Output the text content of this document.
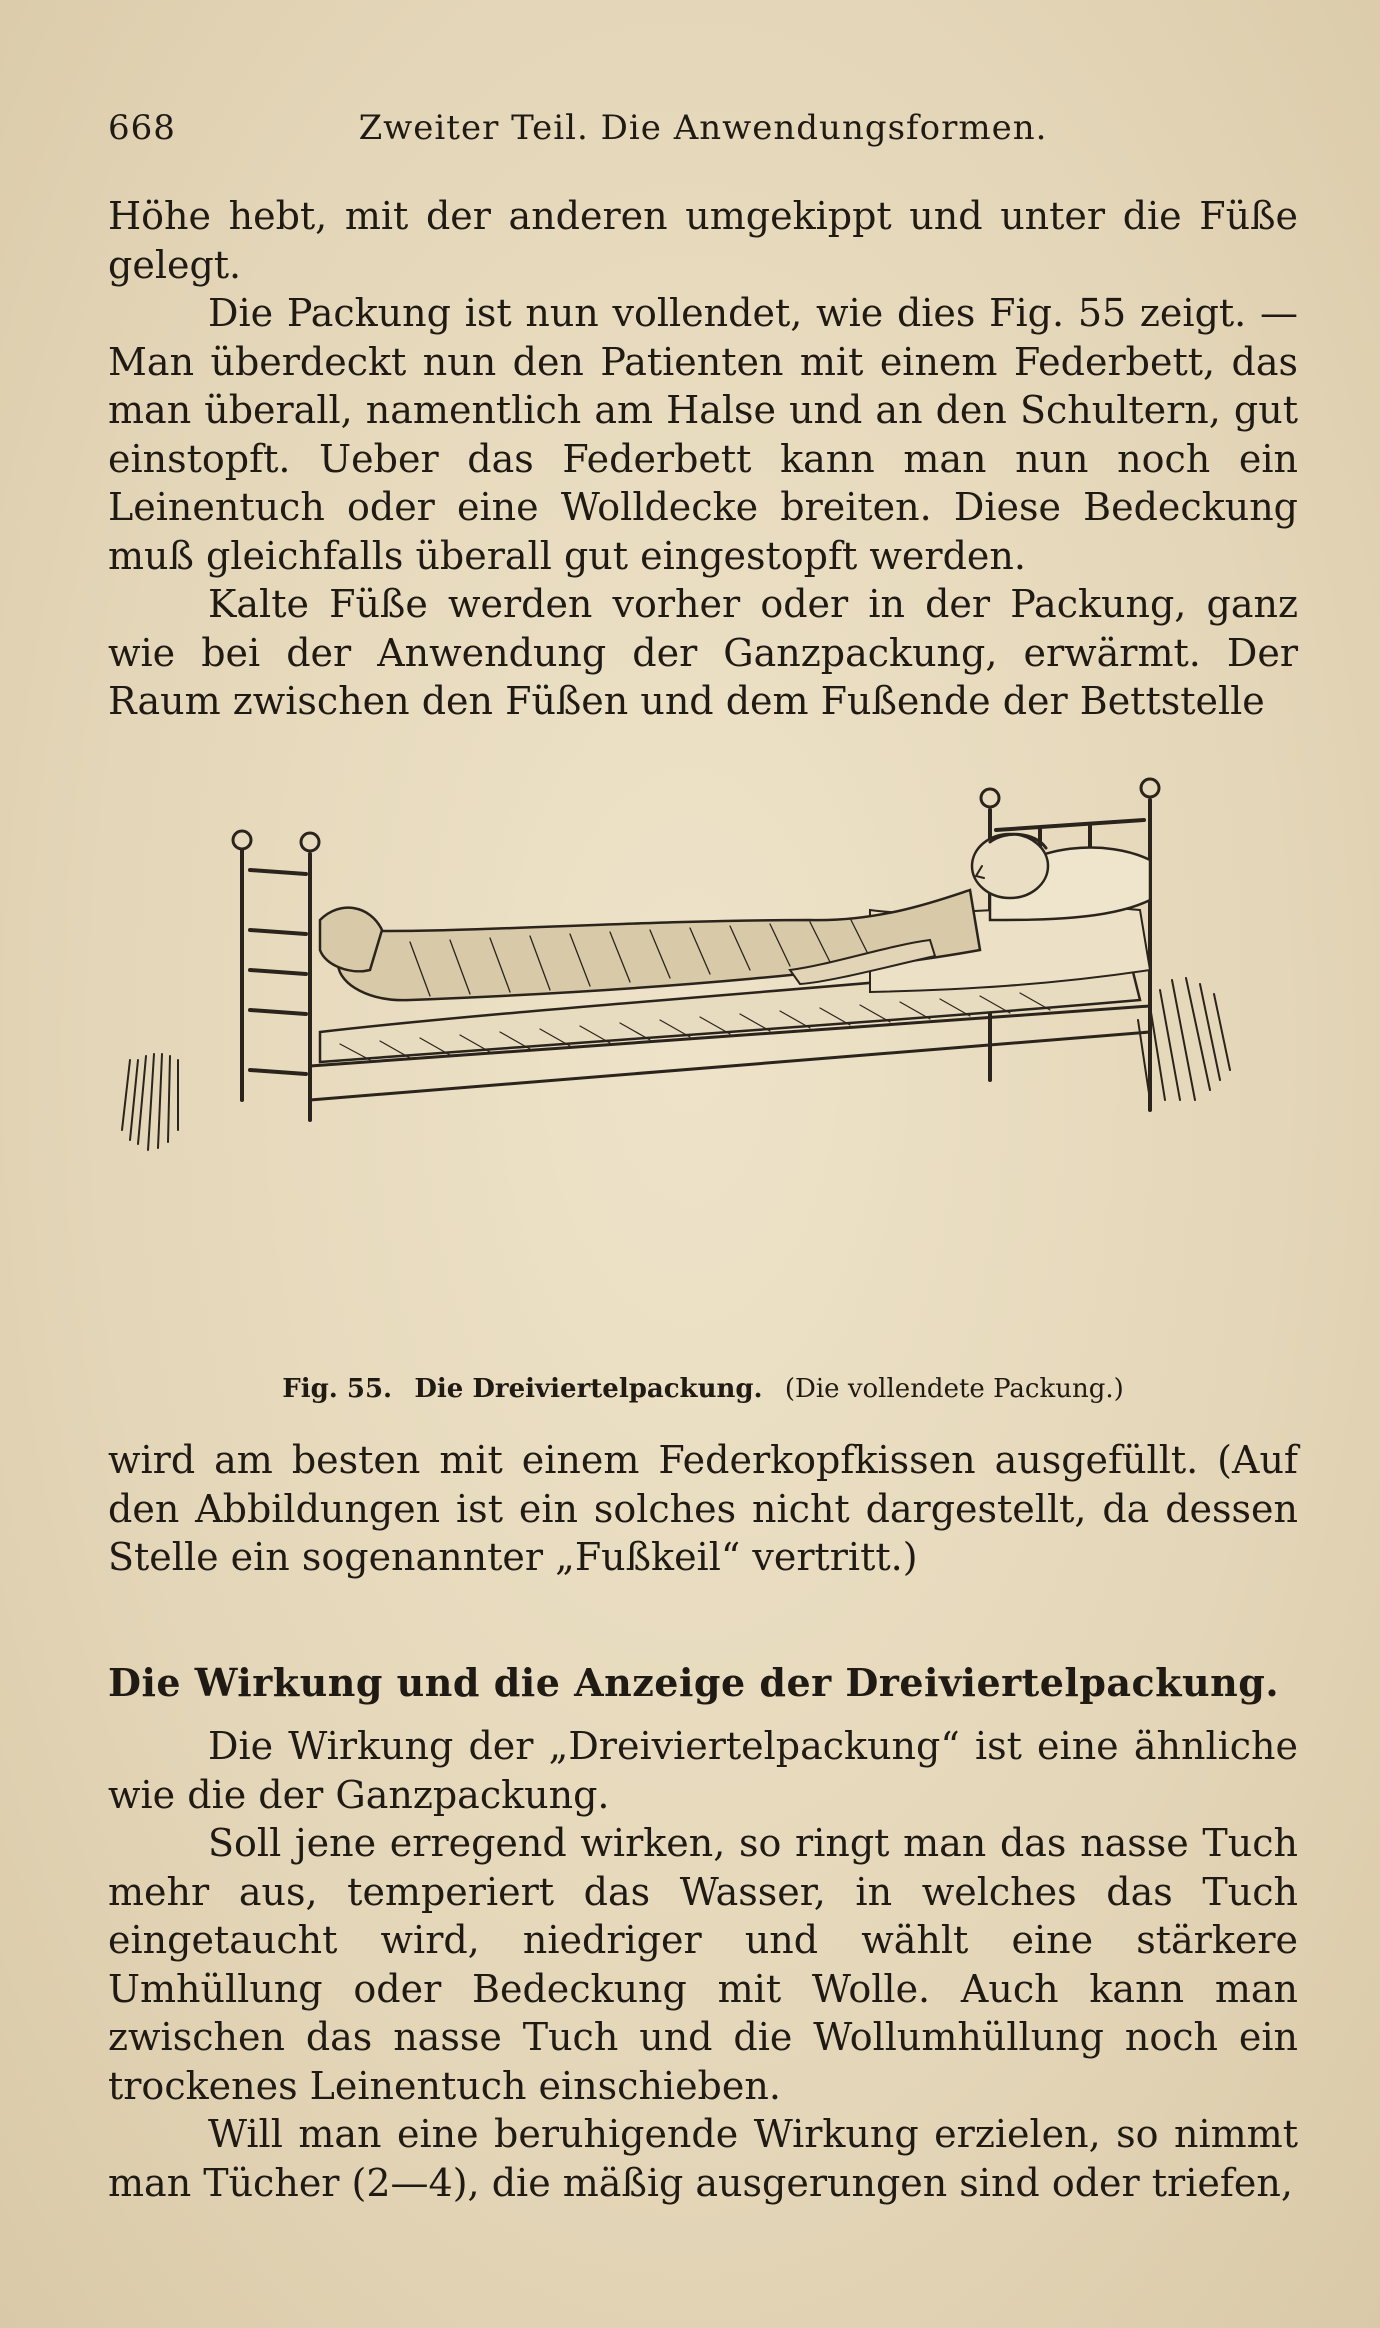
668	Zweiter Teil. Die Anwendungsformen.

Höhe hebt, mit der anderen umgekippt und unter die Füße gelegt.

Die Packung ist nun vollendet, wie dies Fig. 55 zeigt. — Man überdeckt nun den Patienten mit einem Federbett, das man überall, namentlich am Halse und an den Schultern, gut einstopft. Ueber das Federbett kann man nun noch ein Leinentuch oder eine Wolldecke breiten. Diese Bedeckung muß gleichfalls überall gut eingestopft werden.

Kalte Füße werden vorher oder in der Packung, ganz wie bei der Anwendung der Ganzpackung, erwärmt. Der Raum zwischen den Füßen und dem Fußende der Bettstelle

Fig. 55. Die Dreiviertelpackung. (Die vollendete Packung.)

wird am besten mit einem Federkopfkissen ausgefüllt. (Auf den Abbildungen ist ein solches nicht dargestellt, da dessen Stelle ein sogenannter „Fußkeil“ vertritt.)

Die Wirkung und die Anzeige der Dreiviertelpackung.

Die Wirkung der „Dreiviertelpackung“ ist eine ähnliche wie die der Ganzpackung.

Soll jene erregend wirken, so ringt man das nasse Tuch mehr aus, temperiert das Wasser, in welches das Tuch eingetaucht wird, niedriger und wählt eine stärkere Umhüllung oder Bedeckung mit Wolle. Auch kann man zwischen das nasse Tuch und die Wollumhüllung noch ein trockenes Leinentuch einschieben.

Will man eine beruhigende Wirkung erzielen, so nimmt man Tücher (2—4), die mäßig ausgerungen sind oder triefen,
